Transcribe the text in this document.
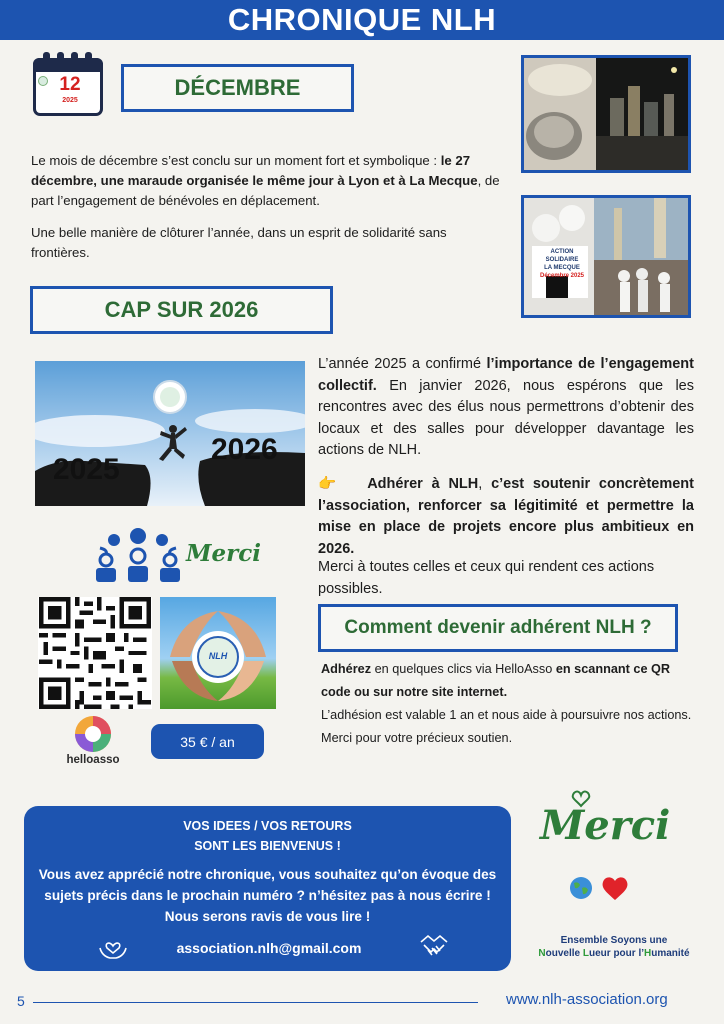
CHRONIQUE NLH
12
2025
DÉCEMBRE
Le mois de décembre s’est conclu sur un moment fort et symbolique : le 27 décembre, une maraude organisée le même jour à Lyon et à La Mecque, de part l’engagement de bénévoles en déplacement.
Une belle manière de clôturer l’année, dans un esprit de solidarité sans frontières.	ACTION SOLIDAIRE
LA MECQUE
Décembre 2025
CAP SUR 2026
2025
2026
Merci
L’année 2025 a confirmé l’importance de l’engagement collectif. En janvier 2026, nous espérons que les rencontres avec des élus nous permettrons d’obtenir des locaux et des salles pour développer davantage les actions de NLH.
👉 Adhérer à NLH, c’est soutenir concrètement l’association, renforcer sa légitimité et permettre la mise en place de projets encore plus ambitieux en 2026.
Merci à toutes celles et ceux qui rendent ces actions possibles.
NLH
helloasso
35 € / an
Comment devenir adhérent NLH ?
Adhérez en quelques clics via HelloAsso en scannant ce QR code ou sur notre site internet.
L’adhésion est valable 1 an et nous aide à poursuivre nos actions.
Merci pour votre précieux soutien.
VOS IDEES / VOS RETOURS
SONT LES BIENVENUS !
Vous avez apprécié notre chronique, vous souhaitez qu’on évoque des sujets précis dans le prochain numéro ? n’hésitez pas à nous écrire ! Nous serons ravis de vous lire !
association.nlh@gmail.com
Merci
Ensemble Soyons une
Nouvelle Lueur pour l’Humanité
5	www.nlh-association.org
